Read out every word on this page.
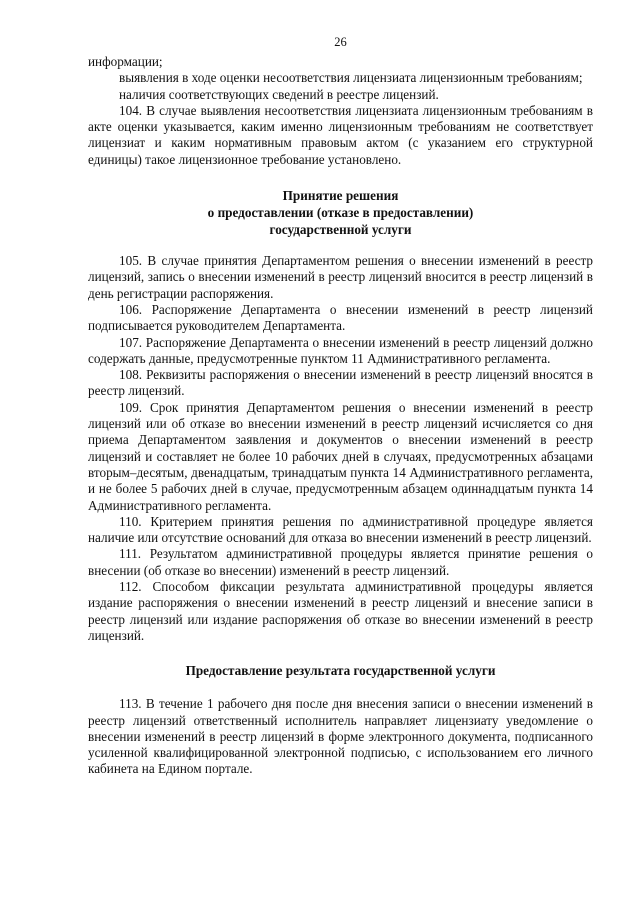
26

информации;

выявления в ходе оценки несоответствия лицензиата лицензионным требованиям;

наличия соответствующих сведений в реестре лицензий.

104. В случае выявления несоответствия лицензиата лицензионным требованиям в акте оценки указывается, каким именно лицензионным требованиям не соответствует лицензиат и каким нормативным правовым актом (с указанием его структурной единицы) такое лицензионное требование установлено.

Принятие решения

о предоставлении (отказе в предоставлении)

государственной услуги

105. В случае принятия Департаментом решения о внесении изменений в реестр лицензий, запись о внесении изменений в реестр лицензий вносится в реестр лицензий в день регистрации распоряжения.

106. Распоряжение Департамента о внесении изменений в реестр лицензий подписывается руководителем Департамента.

107. Распоряжение Департамента о внесении изменений в реестр лицензий должно содержать данные, предусмотренные пунктом 11 Административного регламента.

108. Реквизиты распоряжения о внесении изменений в реестр лицензий вносятся в реестр лицензий.

109. Срок принятия Департаментом решения о внесении изменений в реестр лицензий или об отказе во внесении изменений в реестр лицензий исчисляется со дня приема Департаментом заявления и документов о внесении изменений в реестр лицензий и составляет не более 10 рабочих дней в случаях, предусмотренных абзацами вторым–десятым, двенадцатым, тринадцатым пункта 14 Административного регламента, и не более 5 рабочих дней в случае, предусмотренным абзацем одиннадцатым пункта 14 Административного регламента.

110. Критерием принятия решения по административной процедуре является наличие или отсутствие оснований для отказа во внесении изменений в реестр лицензий.

111. Результатом административной процедуры является принятие решения о внесении (об отказе во внесении) изменений в реестр лицензий.

112. Способом фиксации результата административной процедуры является издание распоряжения о внесении изменений в реестр лицензий и внесение записи в реестр лицензий или издание распоряжения об отказе во внесении изменений в реестр лицензий.

Предоставление результата государственной услуги

113. В течение 1 рабочего дня после дня внесения записи о внесении изменений в реестр лицензий ответственный исполнитель направляет лицензиату уведомление о внесении изменений в реестр лицензий в форме электронного документа, подписанного усиленной квалифицированной электронной подписью, с использованием его личного кабинета на Едином портале.
